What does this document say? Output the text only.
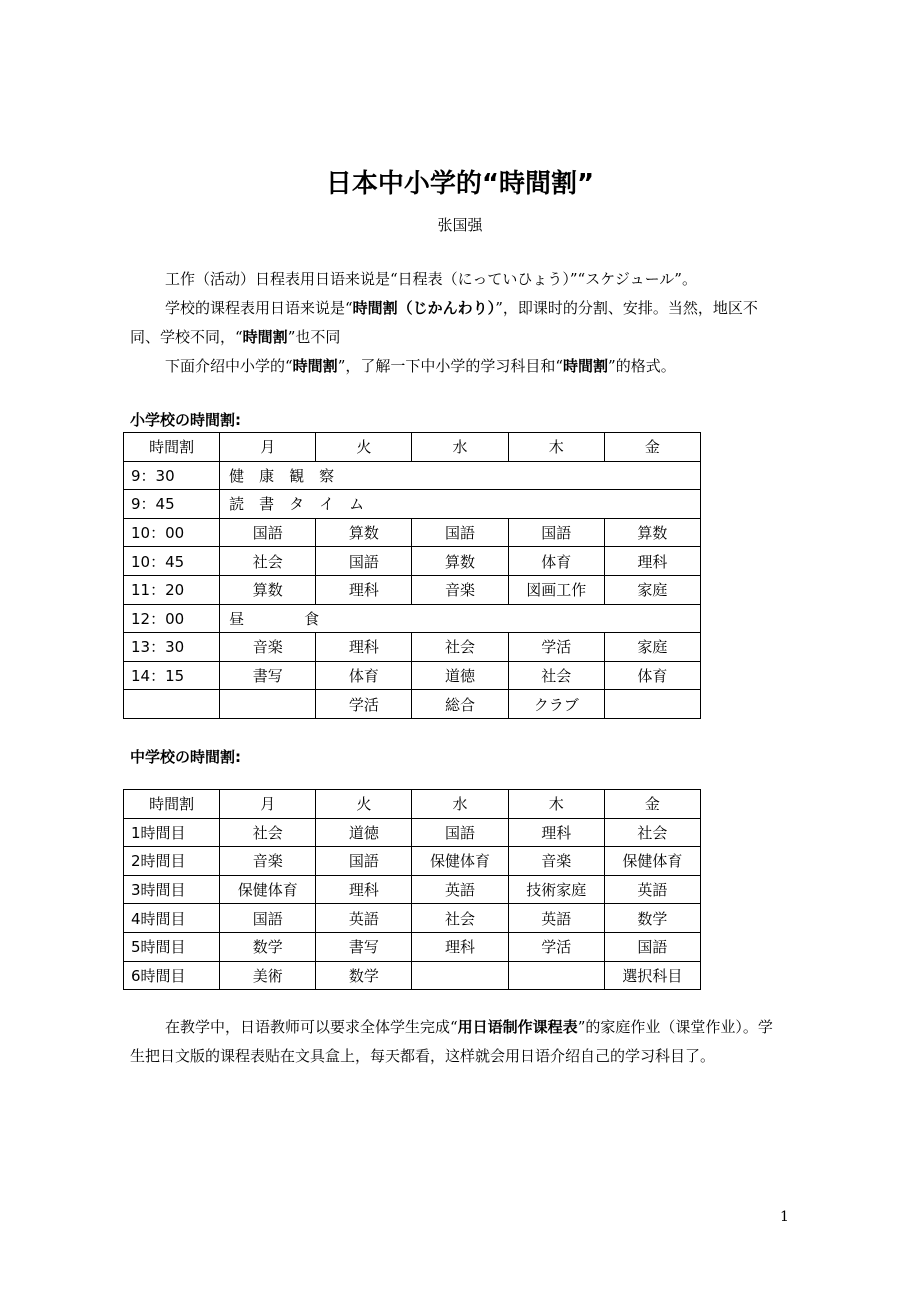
日本中小学的“時間割”
张国强
工作（活动）日程表用日语来说是“日程表（にっていひょう）”“スケジュール”。
学校的课程表用日语来说是“時間割（じかんわり）”，即课时的分割、安排。当然，地区不同、学校不同，“時間割”也不同
下面介绍中小学的“時間割”，了解一下中小学的学习科目和“時間割”的格式。
小学校の時間割:
時間割	月	火	水	木	金
9：30	健　康　観　察				
9：45	読　書　タ　イ　ム				
10：00	国語	算数	国語	国語	算数
10：45	社会	国語	算数	体育	理科
11：20	算数	理科	音楽	図画工作	家庭
12：00	昼　　　　食				
13：30	音楽	理科	社会	学活	家庭
14：15	書写	体育	道徳	社会	体育
		学活	総合	クラブ	
中学校の時間割:
時間割	月	火	水	木	金
1時間目	社会	道徳	国語	理科	社会
2時間目	音楽	国語	保健体育	音楽	保健体育
3時間目	保健体育	理科	英語	技術家庭	英語
4時間目	国語	英語	社会	英語	数学
5時間目	数学	書写	理科	学活	国語
6時間目	美術	数学			選択科目
在教学中，日语教师可以要求全体学生完成“用日语制作课程表”的家庭作业（课堂作业）。学生把日文版的课程表贴在文具盒上，每天都看，这样就会用日语介绍自己的学习科目了。
1
